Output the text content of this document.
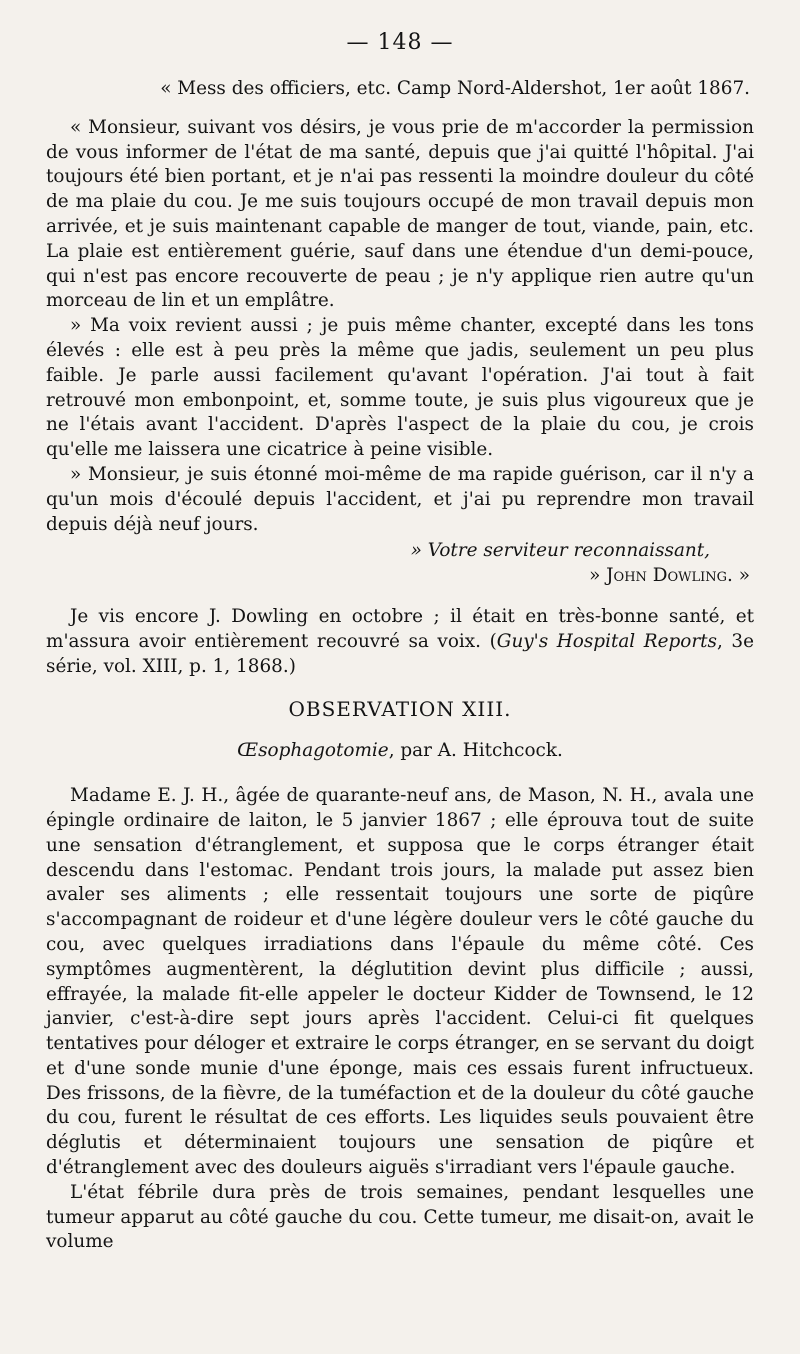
— 148 —

« Mess des officiers, etc. Camp Nord-Aldershot, 1er août 1867.

« Monsieur, suivant vos désirs, je vous prie de m'accorder la permission de vous informer de l'état de ma santé, depuis que j'ai quitté l'hôpital. J'ai toujours été bien portant, et je n'ai pas ressenti la moindre douleur du côté de ma plaie du cou. Je me suis toujours occupé de mon travail depuis mon arrivée, et je suis maintenant capable de manger de tout, viande, pain, etc. La plaie est entièrement guérie, sauf dans une étendue d'un demi-pouce, qui n'est pas encore recouverte de peau ; je n'y applique rien autre qu'un morceau de lin et un emplâtre.

» Ma voix revient aussi ; je puis même chanter, excepté dans les tons élevés : elle est à peu près la même que jadis, seulement un peu plus faible. Je parle aussi facilement qu'avant l'opération. J'ai tout à fait retrouvé mon embonpoint, et, somme toute, je suis plus vigoureux que je ne l'étais avant l'accident. D'après l'aspect de la plaie du cou, je crois qu'elle me laissera une cicatrice à peine visible.

» Monsieur, je suis étonné moi-même de ma rapide guérison, car il n'y a qu'un mois d'écoulé depuis l'accident, et j'ai pu reprendre mon travail depuis déjà neuf jours.

» Votre serviteur reconnaissant,

» John Dowling. »

Je vis encore J. Dowling en octobre ; il était en très-bonne santé, et m'assura avoir entièrement recouvré sa voix. (Guy's Hospital Reports, 3e série, vol. XIII, p. 1, 1868.)

OBSERVATION XIII.

Œsophagotomie, par A. Hitchcock.

Madame E. J. H., âgée de quarante-neuf ans, de Mason, N. H., avala une épingle ordinaire de laiton, le 5 janvier 1867 ; elle éprouva tout de suite une sensation d'étranglement, et supposa que le corps étranger était descendu dans l'estomac. Pendant trois jours, la malade put assez bien avaler ses aliments ; elle ressentait toujours une sorte de piqûre s'accompagnant de roideur et d'une légère douleur vers le côté gauche du cou, avec quelques irradiations dans l'épaule du même côté. Ces symptômes augmentèrent, la déglutition devint plus difficile ; aussi, effrayée, la malade fit-elle appeler le docteur Kidder de Townsend, le 12 janvier, c'est-à-dire sept jours après l'accident. Celui-ci fit quelques tentatives pour déloger et extraire le corps étranger, en se servant du doigt et d'une sonde munie d'une éponge, mais ces essais furent infructueux. Des frissons, de la fièvre, de la tuméfaction et de la douleur du côté gauche du cou, furent le résultat de ces efforts. Les liquides seuls pouvaient être déglutis et déterminaient toujours une sensation de piqûre et d'étranglement avec des douleurs aiguës s'irradiant vers l'épaule gauche.

L'état fébrile dura près de trois semaines, pendant lesquelles une tumeur apparut au côté gauche du cou. Cette tumeur, me disait-on, avait le volume
